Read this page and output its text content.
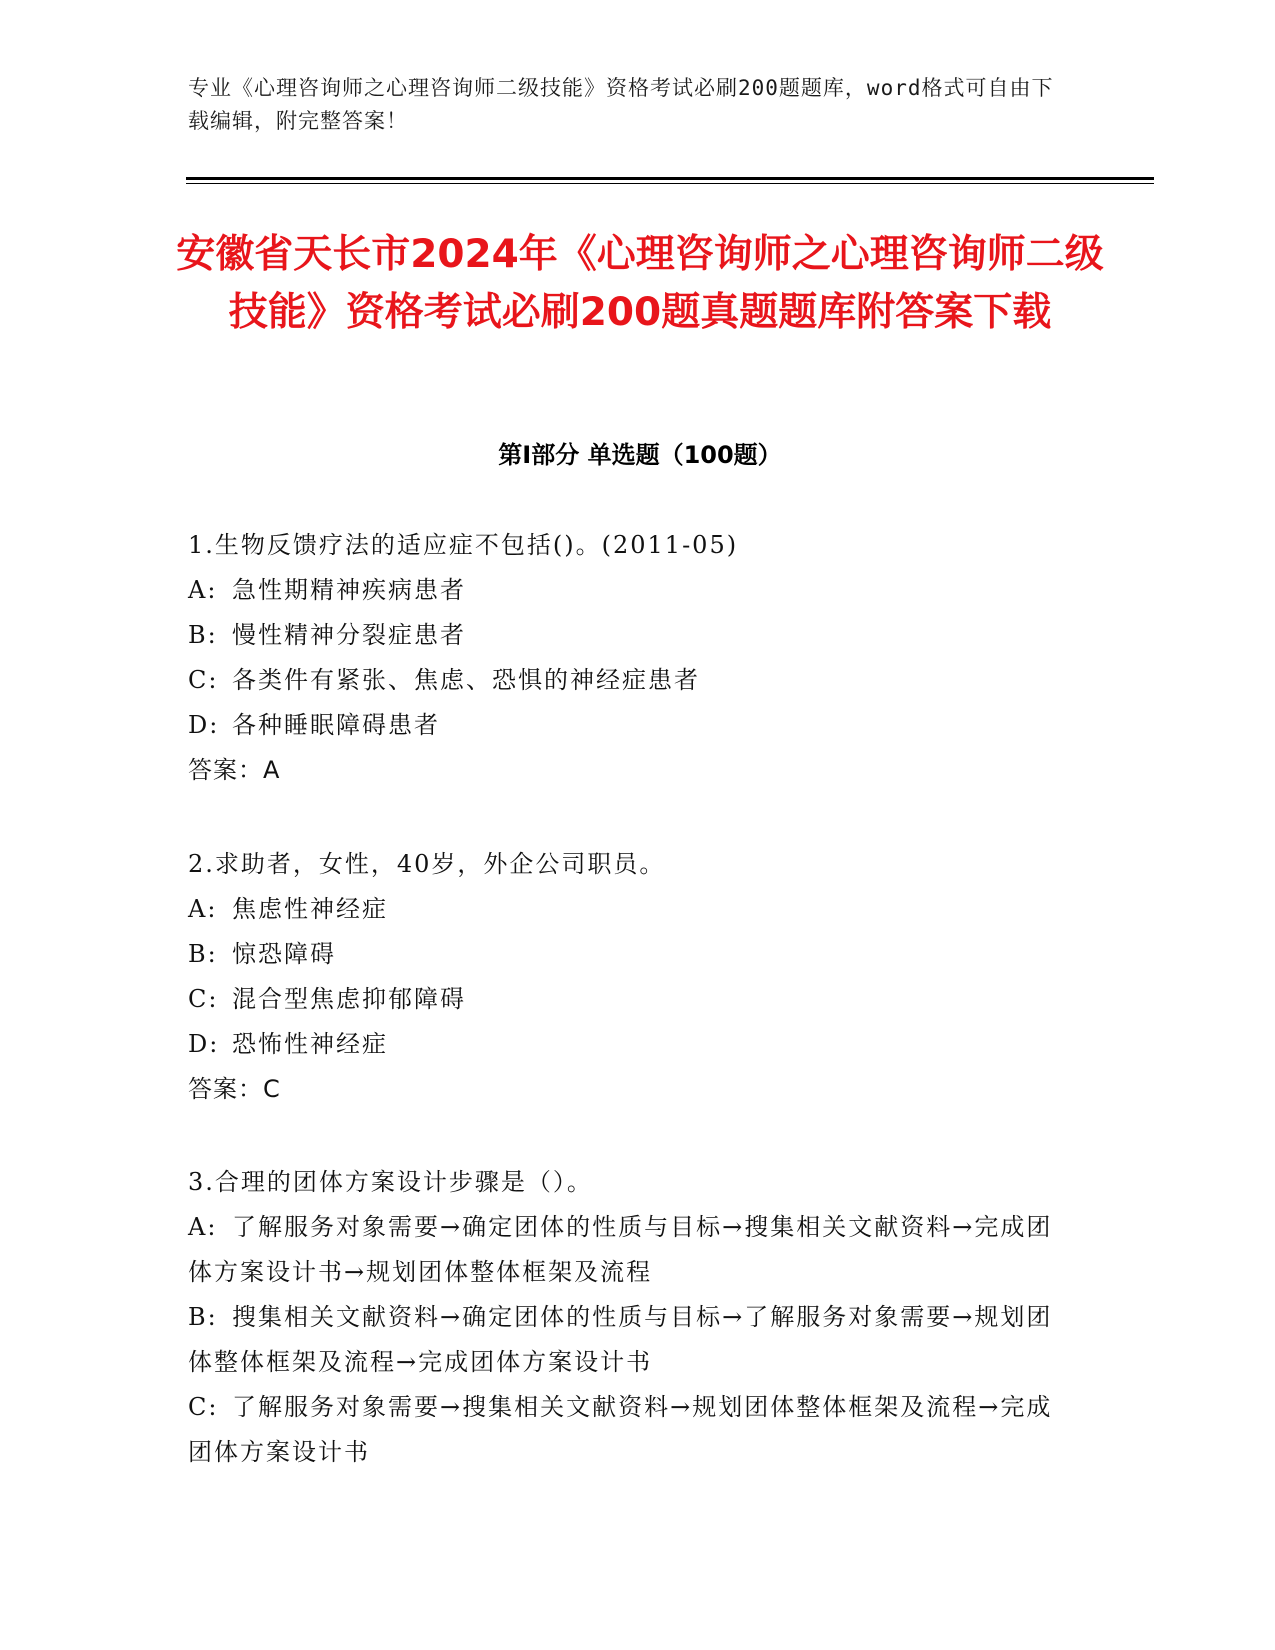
专业《心理咨询师之心理咨询师二级技能》资格考试必刷200题题库，word格式可自由下载编辑，附完整答案！
安徽省天长市2024年《心理咨询师之心理咨询师二级技能》资格考试必刷200题真题题库附答案下载
第Ⅰ部分 单选题（100题）
1.生物反馈疗法的适应症不包括()。(2011-05)
A: 急性期精神疾病患者
B: 慢性精神分裂症患者
C: 各类件有紧张、焦虑、恐惧的神经症患者
D: 各种睡眠障碍患者
答案：A
2.求助者，女性，40岁，外企公司职员。
A: 焦虑性神经症
B: 惊恐障碍
C: 混合型焦虑抑郁障碍
D: 恐怖性神经症
答案：C
3.合理的团体方案设计步骤是（）。
A: 了解服务对象需要→确定团体的性质与目标→搜集相关文献资料→完成团体方案设计书→规划团体整体框架及流程
B: 搜集相关文献资料→确定团体的性质与目标→了解服务对象需要→规划团体整体框架及流程→完成团体方案设计书
C: 了解服务对象需要→搜集相关文献资料→规划团体整体框架及流程→完成团体方案设计书
